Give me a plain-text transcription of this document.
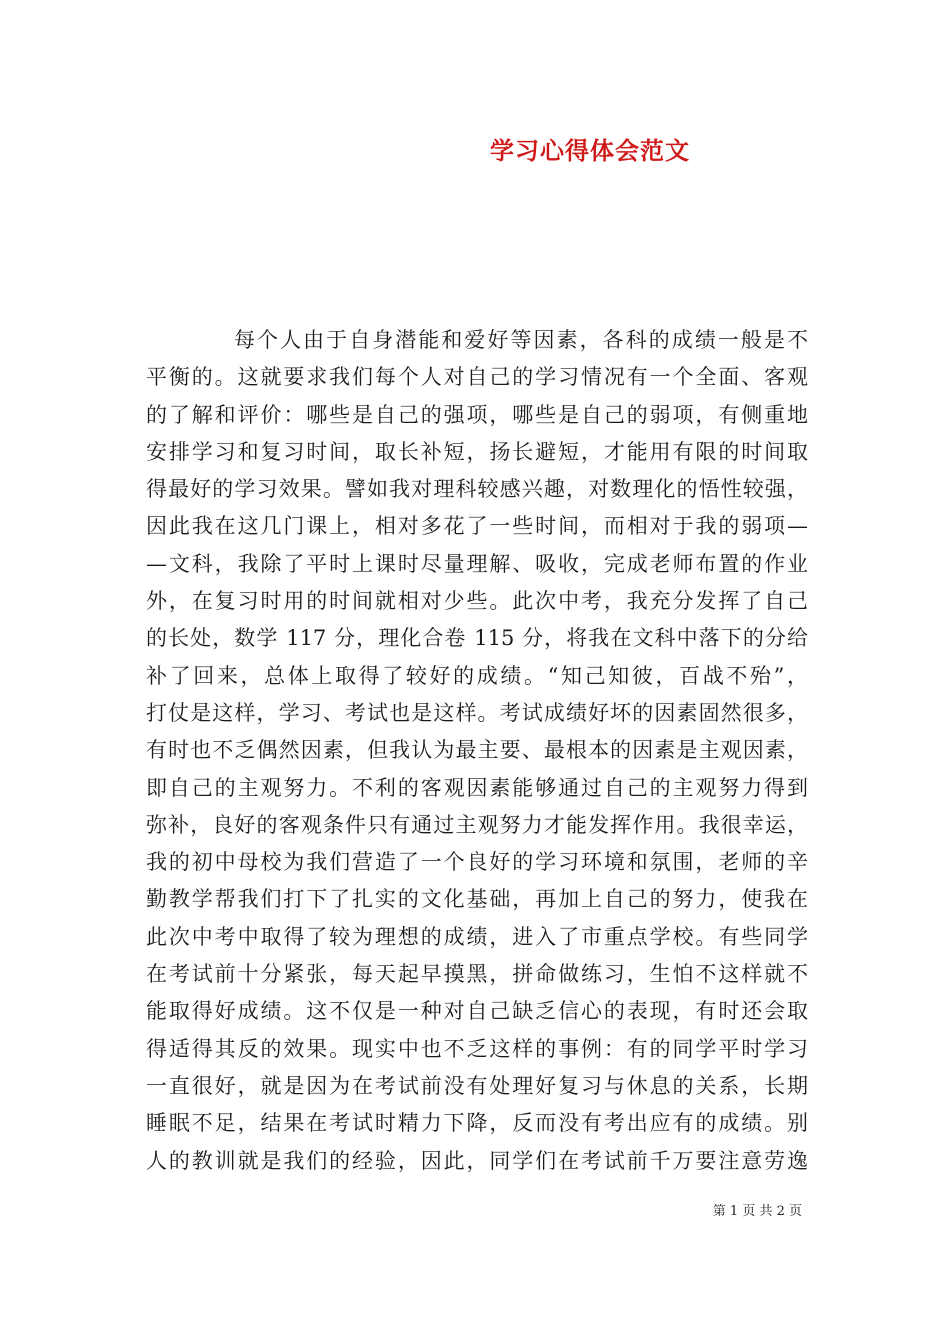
学习心得体会范文
每个人由于自身潜能和爱好等因素，各科的成绩一般是不
平衡的。这就要求我们每个人对自己的学习情况有一个全面、客观
的了解和评价：哪些是自己的强项，哪些是自己的弱项，有侧重地
安排学习和复习时间，取长补短，扬长避短，才能用有限的时间取
得最好的学习效果。譬如我对理科较感兴趣，对数理化的悟性较强，
因此我在这几门课上，相对多花了一些时间，而相对于我的弱项—
—文科，我除了平时上课时尽量理解、吸收，完成老师布置的作业
外，在复习时用的时间就相对少些。此次中考，我充分发挥了自己
的长处，数学 117 分，理化合卷 115 分，将我在文科中落下的分给
补了回来，总体上取得了较好的成绩。“知己知彼，百战不殆”，
打仗是这样，学习、考试也是这样。考试成绩好坏的因素固然很多，
有时也不乏偶然因素，但我认为最主要、最根本的因素是主观因素，
即自己的主观努力。不利的客观因素能够通过自己的主观努力得到
弥补，良好的客观条件只有通过主观努力才能发挥作用。我很幸运，
我的初中母校为我们营造了一个良好的学习环境和氛围，老师的辛
勤教学帮我们打下了扎实的文化基础，再加上自己的努力，使我在
此次中考中取得了较为理想的成绩，进入了市重点学校。有些同学
在考试前十分紧张，每天起早摸黑，拼命做练习，生怕不这样就不
能取得好成绩。这不仅是一种对自己缺乏信心的表现，有时还会取
得适得其反的效果。现实中也不乏这样的事例：有的同学平时学习
一直很好，就是因为在考试前没有处理好复习与休息的关系，长期
睡眠不足，结果在考试时精力下降，反而没有考出应有的成绩。别
人的教训就是我们的经验，因此，同学们在考试前千万要注意劳逸
第 1 页 共 2 页
